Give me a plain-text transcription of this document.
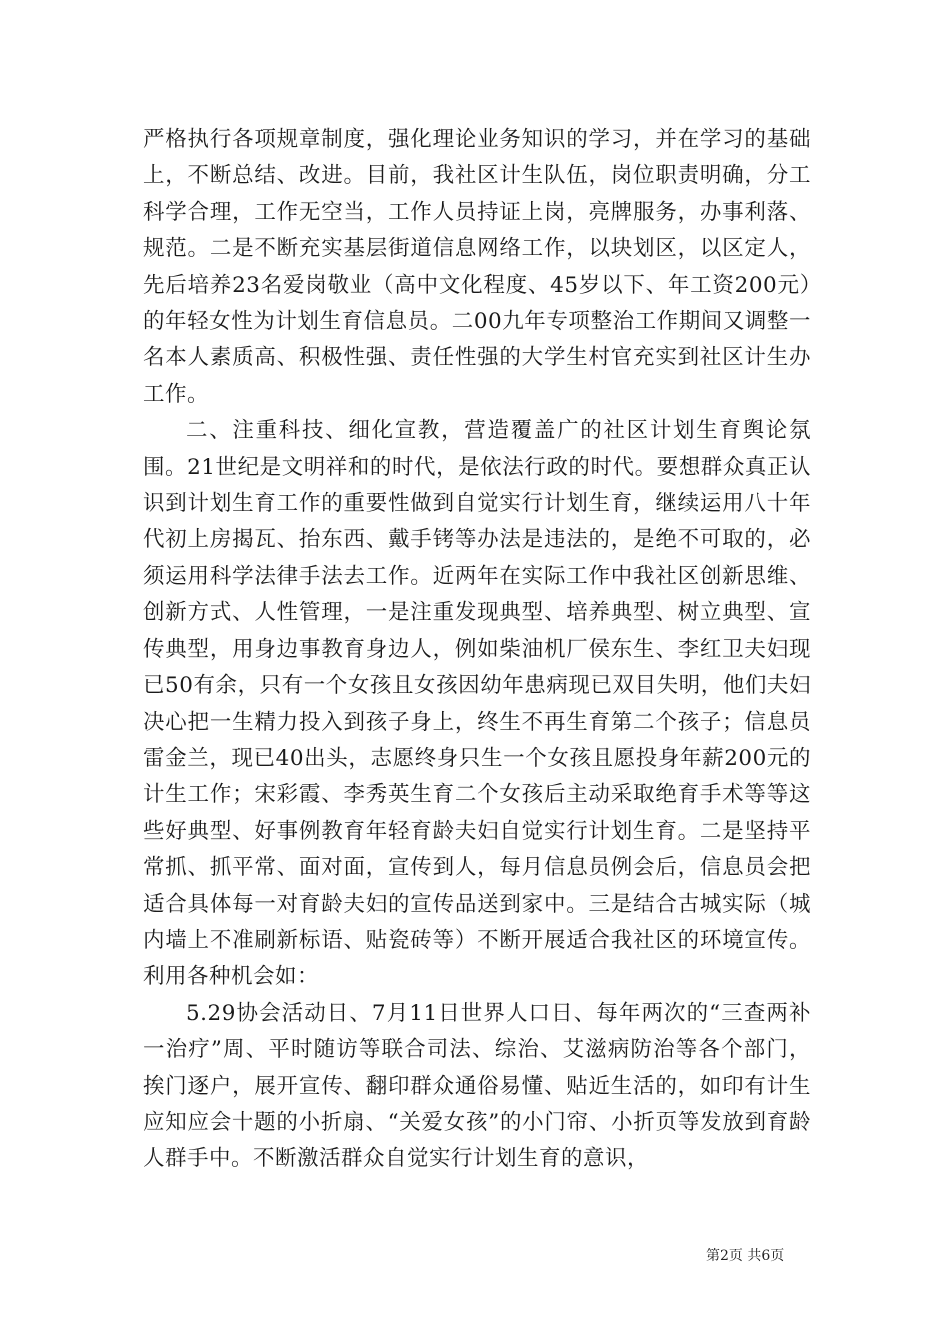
严格执行各项规章制度，强化理论业务知识的学习，并在学习的基础上，不断总结、改进。目前，我社区计生队伍，岗位职责明确，分工科学合理，工作无空当，工作人员持证上岗，亮牌服务，办事利落、规范。二是不断充实基层街道信息网络工作，以块划区，以区定人，先后培养23名爱岗敬业（高中文化程度、45岁以下、年工资200元）的年轻女性为计划生育信息员。二00九年专项整治工作期间又调整一名本人素质高、积极性强、责任性强的大学生村官充实到社区计生办工作。

二、注重科技、细化宣教，营造覆盖广的社区计划生育舆论氛围。21世纪是文明祥和的时代，是依法行政的时代。要想群众真正认识到计划生育工作的重要性做到自觉实行计划生育，继续运用八十年代初上房揭瓦、抬东西、戴手铐等办法是违法的，是绝不可取的，必须运用科学法律手法去工作。近两年在实际工作中我社区创新思维、创新方式、人性管理，一是注重发现典型、培养典型、树立典型、宣传典型，用身边事教育身边人，例如柴油机厂侯东生、李红卫夫妇现已50有余，只有一个女孩且女孩因幼年患病现已双目失明，他们夫妇决心把一生精力投入到孩子身上，终生不再生育第二个孩子；信息员雷金兰，现已40出头，志愿终身只生一个女孩且愿投身年薪200元的计生工作；宋彩霞、李秀英生育二个女孩后主动采取绝育手术等等这些好典型、好事例教育年轻育龄夫妇自觉实行计划生育。二是坚持平常抓、抓平常、面对面，宣传到人，每月信息员例会后，信息员会把适合具体每一对育龄夫妇的宣传品送到家中。三是结合古城实际（城内墙上不准刷新标语、贴瓷砖等）不断开展适合我社区的环境宣传。利用各种机会如：

5.29协会活动日、7月11日世界人口日、每年两次的“三查两补一治疗”周、平时随访等联合司法、综治、艾滋病防治等各个部门，挨门逐户，展开宣传、翻印群众通俗易懂、贴近生活的，如印有计生应知应会十题的小折扇、“关爱女孩”的小门帘、小折页等发放到育龄人群手中。不断激活群众自觉实行计划生育的意识，

第2页 共6页
